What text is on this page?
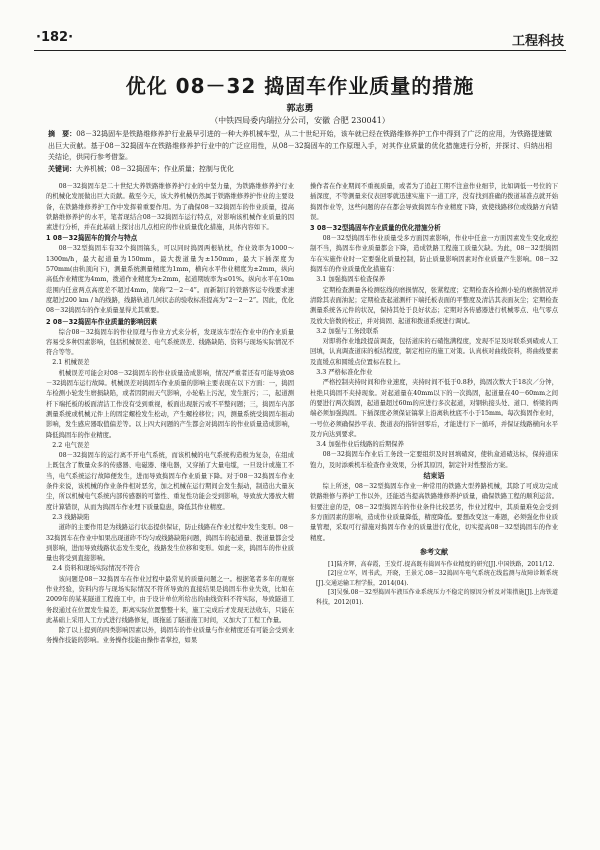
·182·	工程科技
优化 08－32 捣固车作业质量的措施
郭志勇
（中铁四局委内瑞拉分公司，安徽 合肥 230041）
摘　要：08－32捣固车是铁路维修养护行业最早引进的一种大养机械车型，从二十世纪开始，该车就已经在铁路维修养护工作中得到了广泛的应用，为铁路提速做出巨大贡献。基于08－32捣固车在铁路维修养护行业中的广泛应用性，从08－32捣固车的工作原理入手，对其作业质量的优化措施进行分析，并探讨、归纳出相关结论，供同行参考借鉴。
关键词：大养机械；08－32捣固车；作业质量；控制与优化

08－32捣固车是二十世纪大养铁路维修养护行业的中坚力量，为铁路维修养护行业的机械化发展做出巨大贡献。截至今天，该大养机械仍然属于铁路维修养护作业的主要设备，在铁路维修养护工作中发挥着重要作用。为了确保08－32捣固车的作业质量，提高铁路维修养护的水平，笔者现结合08－32捣固车运行特点，对影响该机械作业质量的因素进行分析，并在此基础上探讨出几点相应的作业质量优化措施，具体内容如下。

1 08－32捣固车的简介与特点

08－32型捣固车有32个捣固镐头，可以同时捣固两根轨枕，作业效率为1000～1300m/h，最大起道量为150mm，最大拨道量为±150mm，最大下插深度为570mm(由轨顶向下)，测量系统测量精度为1mm，横向水平作业精度为±2mm，纵向高低作业精度为4mm，拨道作业精度为±2mm，起道期坡率为≤01%。纵向水平在10m范围内任意两点高度差不超过4mm，简称“2－2－4”。而新制订的铁路客运专线要求速度超过200 km / h的线路，线路轨道几何状态的验收标准提高为“2－2－2”。因此，优化08－32捣固车的作业质量显得尤其重要。

2 08－32捣固车作业质量的影响因素

综合08－32捣固车的作业原理与作业方式来分析，发现该车型在作业中的作业质量容易受多种因素影响，包括机械误差、电气系统误差、线路缺陷、资料与现场实际情况不符合等等。

2.1 机械误差

机械误差可能会对08－32捣固车的作业质量造成影响，情况严重者还有可能导致08－32捣固车运行故障。机械误差对捣固车作业质量的影响主要表现在以下方面：一，捣固车检测小轮发生磨损缺陷，或者因阴雨天气影响，小轮粘上污泥，发生脏污；二，起道测杆下端托板的板面清洁工作没有受到重视，板面出现脏污或不平整问题；三，捣固车内部测量系统或机械元件上的固定螺栓发生松动，产生螺栓移位；四，测量系统受捣固车振动影响，发生感应器取值偏差等。以上四大问题的产生都会对捣固车的作业质量造成影响，降低捣固车的作业精度。

2.2 电气误差

08－32捣固车的运行离不开电气系统，而该机械的电气系统构造极为复杂，在组成上既包含了数量众多的传感器、电磁器、继电器，又穿插了大量电缆，一旦设计或施工不当，电气系统运行故障便发生，进而导致捣固车作业质量下降。对于08－32捣固车作业条件来说，该机械的作业条件相对恶劣，加之机械在运行期间会发生振动，制造出大量灰尘，所以机械电气系统内部传感器的可靠性、重复性功能会受到影响，导致放大器放大精度计算错误，从而为捣固车作业埋下质量隐患，降低其作业精度。

2.3 线路缺陷

道砟的主要作用是为线路运行状态提供保证，防止线路在作业过程中发生变形。08－32捣固车在作业中如果出现道砟不均匀或线路缺陷问题，捣固车的起道量、拨道量都会受到影响，进而导致线路状态发生变化，线路发生位移和变形。如此一来，捣固车的作业质量也将受到直接影响。

2.4 资料和现场实际情况不符合

该问题是08－32捣固车在作业过程中最常见的质量问题之一。根据笔者多年的观察作业经验，资料内容与现场实际情况不符所导致的直接结果是捣固车作业失效，比如在2009年的某某隧道工程施工中，由于设计单位所给出的曲线资料不符实际，导致隧道工务段通过在位置发生偏差，距离实际位置整整十米，施工完成后才发现无法收车，只能在此基础上采用人工方式进行线路修复，既拖延了隧道施工时间，又加大了工程工作量。

除了以上提到的四类影响因素以外，捣固车的作业质量与作业精度还有可能会受到业务操作技能的影响。业务操作技能由操作者掌控，如果

操作者在作业期间不重视质量，或者为了追赶工期不注意作业细节，比如调低一号位的下插深度，不等测量来仪表回零就迅速实施下一道工序，没有找到准确的拨道基准点就开始捣固作业等，这些问题的存在都会导致捣固车作业精度下降，致使线路移位或线路方向错误。

3 08－32型捣固车作业质量的优化措施分析

08－32型捣固车作业质量受多方面因素影响，作业中任意一方面因素发生变化或控制不当，捣固车作业质量都会下降，造成铁路工程施工质量欠缺。为此，08－32型捣固车在实施作业时一定要强化质量控制，防止质量影响因素对作业质量产生影响。08－32捣固车的作业质量优化措施有：

3.1 加强捣固车检查保养

定期检查测量各检测弦线的磨损情况，张紧程度；定期检查各检测小轮的磨损情况并清除其表面油泥；定期检查起道测杆下端托板表面的平整度及清洁其表面灰尘；定期检查测量系统各元件的状况，保持其处于良好状态；定期对各传感器进行机械零点、电气零点及放大倍数的校正，并对捣固、起道和拨道系统进行调试。

3.2 加强与工务段联系

对即将作业地段提前调查，包括道床的石碴饱满程度，发现不足及时联系到碴或人工回填，认真调查道床的板结程度，制定相应的施工对策。认真核对曲线资料，将曲线要素及直缓点和圆缓点位置标在股上。

3.3 严格标准化作业

严格控制夹持时间和作业速度，夹持时间不低于0.8秒，捣固次数大于18次／分钟，杜绝只捣固不夹持现象。对起道量在40mm以下的一次捣固，起道量在40－60mm之间的要进行两次捣固，起道量超过60m的应进行多次起道，对钢轨接头处、道口、桥梁的两端必须加强捣固。下插深度必须保证镐掌上沿离轨枕底不小于15mm。每次捣固作业时，一号位必须确保抄平表、拨道表的指针回零后，才能进行下一循环，并保证线路横向水平及方向达到要求。

3.4 加强作业后线路的后期保养

08－32捣固车作业后工务段一定要组织及时回填碴窝，使轨盒道碴达标，保持道床饱力，及时添乘机车检查作业效果，分析其原因，制定针对性整治方案。

结束语

综上所述，08－32型捣固车作业一种常用的铁路大型养路机械，其除了可成功完成铁路维修与养护工作以外，还能适当提高铁路维修养护质量，确保铁路工程的顺利运营。但要注意的是，08－32型捣固车的作业条件比较恶劣，作业过程中，其质量难免会受到多方面因素的影响，造成作业质量降低，精度降低。要想改变这一难题，必须强化作业质量管理，采取可行措施对捣固车作业的质量进行优化，切实提高08－32型捣固车的作业精度。

参考文献

[1]陆齐辉，高春霞，王发灯.提高既有捣固车作业精度的研究[J].中国铁路，2011/12.

[2]应立军，周书武，开晓，王景元.08－32捣固车电气系统在线监测与故障诊断系统[J].交通运输工程学报，2014(04).

[3]吴强.08－32型捣固车液压作业系统压力不稳定的原因分析及对策措施[J].上海铁道科技，2012(01).
